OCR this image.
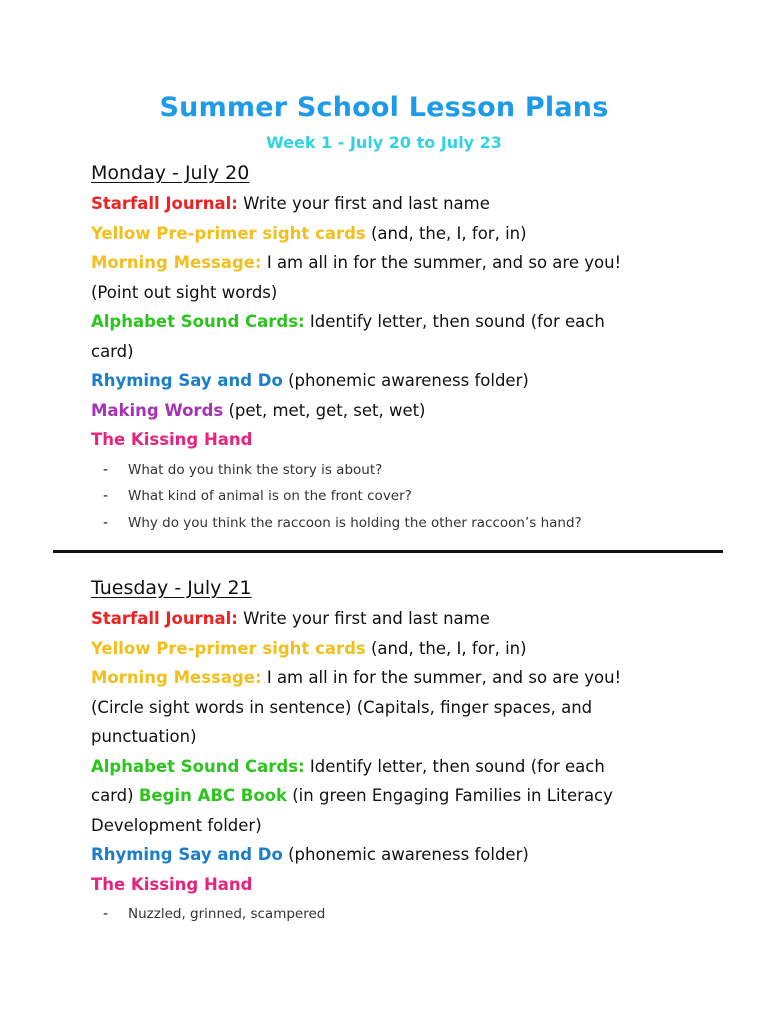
Summer School Lesson Plans
Week 1 - July 20 to July 23
Monday - July 20
Starfall Journal: Write your first and last name
Yellow Pre-primer sight cards (and, the, I, for, in)
Morning Message: I am all in for the summer, and so are you!
(Point out sight words)
Alphabet Sound Cards: Identify letter, then sound (for each
card)
Rhyming Say and Do (phonemic awareness folder)
Making Words (pet, met, get, set, wet)
The Kissing Hand
- What do you think the story is about?
- What kind of animal is on the front cover?
- Why do you think the raccoon is holding the other raccoon’s hand?
Tuesday - July 21
Starfall Journal: Write your first and last name
Yellow Pre-primer sight cards (and, the, I, for, in)
Morning Message: I am all in for the summer, and so are you!
(Circle sight words in sentence) (Capitals, finger spaces, and
punctuation)
Alphabet Sound Cards: Identify letter, then sound (for each
card) Begin ABC Book (in green Engaging Families in Literacy
Development folder)
Rhyming Say and Do (phonemic awareness folder)
The Kissing Hand
- Nuzzled, grinned, scampered
